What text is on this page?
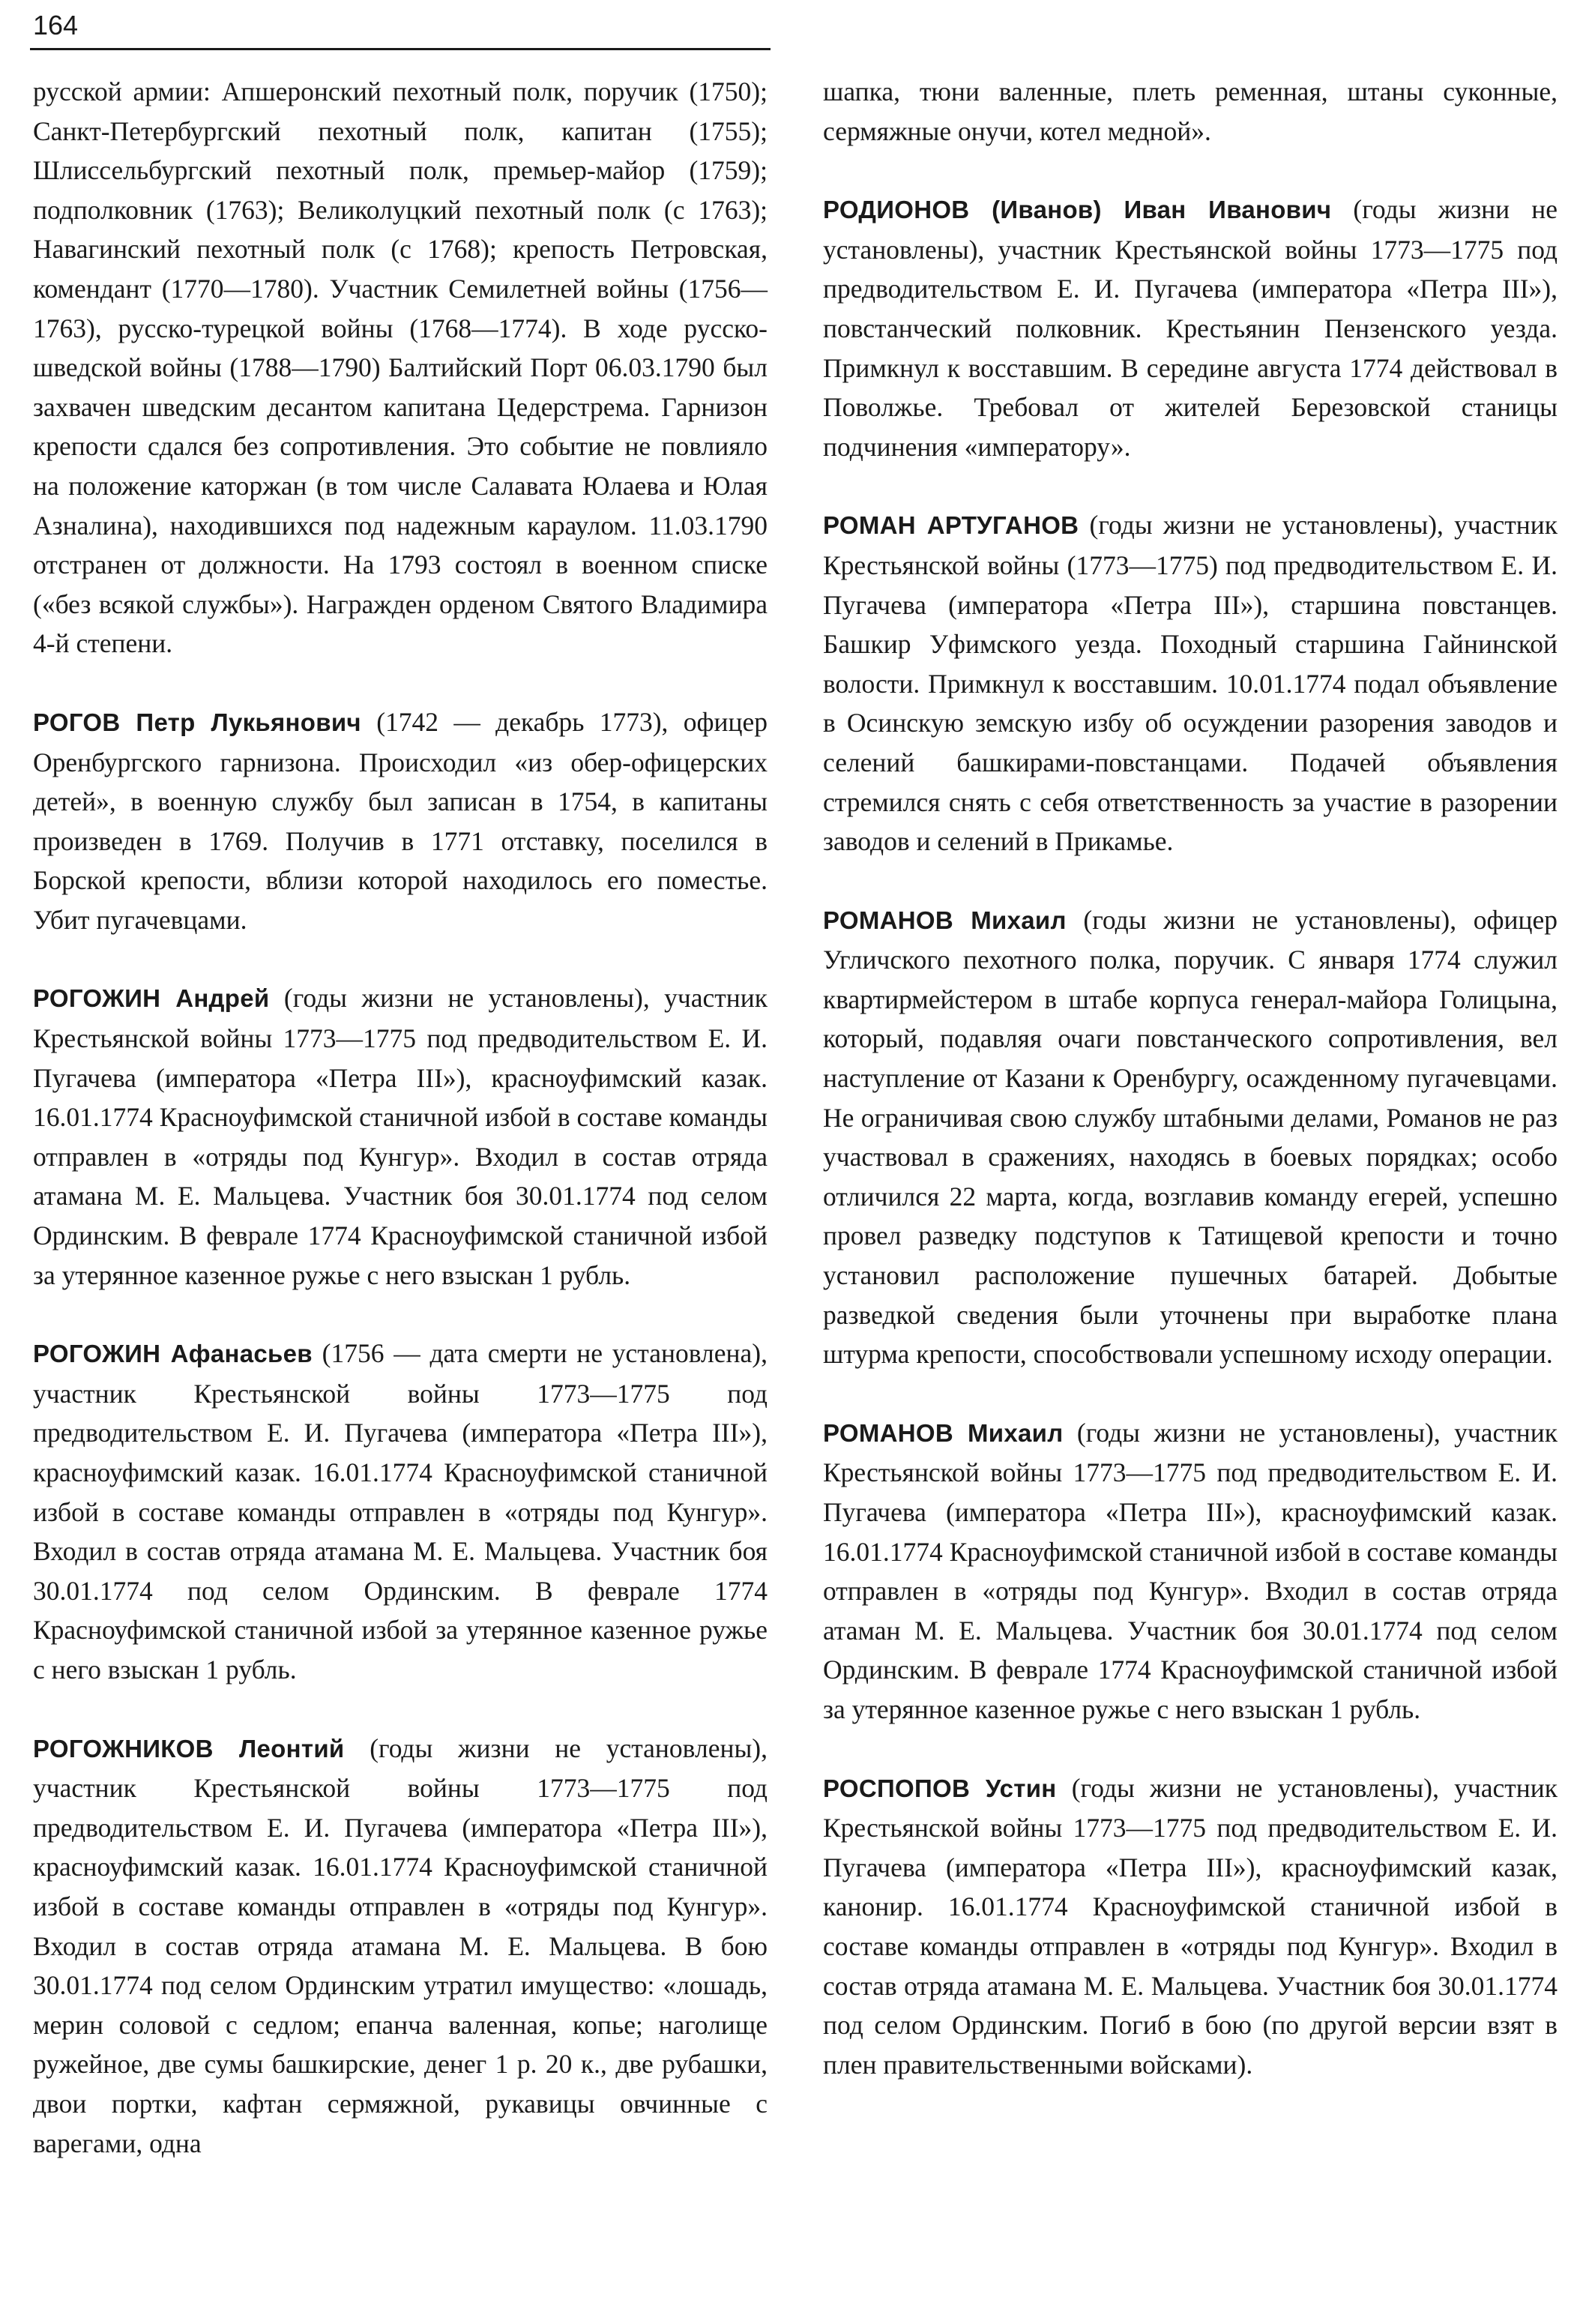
164

русской армии: Апшеронский пехотный полк, поручик (1750); Санкт-Петербургский пехотный полк, капитан (1755); Шлиссельбургский пехотный полк, премьер-майор (1759); подполковник (1763); Великолуцкий пехотный полк (с 1763); Навагинский пехотный полк (с 1768); крепость Петровская, комендант (1770—1780). Участник Семилетней войны (1756—1763), русско-турецкой войны (1768—1774). В ходе русско-шведской войны (1788—1790) Балтийский Порт 06.03.1790 был захвачен шведским десантом капитана Цедерстрема. Гарнизон крепости сдался без сопротивления. Это событие не повлияло на положение каторжан (в том числе Салавата Юлаева и Юлая Азналина), находившихся под надежным караулом. 11.03.1790 отстранен от должности. На 1793 состоял в военном списке («без всякой службы»). Награжден орденом Святого Владимира 4-й степени.

РОГОВ Петр Лукьянович (1742 — декабрь 1773), офицер Оренбургского гарнизона. Происходил «из обер-офицерских детей», в военную службу был записан в 1754, в капитаны произведен в 1769. Получив в 1771 отставку, поселился в Борской крепости, вблизи которой находилось его поместье. Убит пугачевцами.

РОГОЖИН Андрей (годы жизни не установлены), участник Крестьянской войны 1773—1775 под предводительством Е. И. Пугачева (императора «Петра III»), красноуфимский казак. 16.01.1774 Красноуфимской станичной избой в составе команды отправлен в «отряды под Кунгур». Входил в состав отряда атамана М. Е. Мальцева. Участник боя 30.01.1774 под селом Ординским. В феврале 1774 Красноуфимской станичной избой за утерянное казенное ружье с него взыскан 1 рубль.

РОГОЖИН Афанасьев (1756 — дата смерти не установлена), участник Крестьянской войны 1773—1775 под предводительством Е. И. Пугачева (императора «Петра III»), красноуфимский казак. 16.01.1774 Красноуфимской станичной избой в составе команды отправлен в «отряды под Кунгур». Входил в состав отряда атамана М. Е. Мальцева. Участник боя 30.01.1774 под селом Ординским. В феврале 1774 Красноуфимской станичной избой за утерянное казенное ружье с него взыскан 1 рубль.

РОГОЖНИКОВ Леонтий (годы жизни не установлены), участник Крестьянской войны 1773—1775 под предводительством Е. И. Пугачева (императора «Петра III»), красноуфимский казак. 16.01.1774 Красноуфимской станичной избой в составе команды отправлен в «отряды под Кунгур». Входил в состав отряда атамана М. Е. Мальцева. В бою 30.01.1774 под селом Ординским утратил имущество: «лошадь, мерин соловой с седлом; епанча валенная, копье; наголище ружейное, две сумы башкирские, денег 1 р. 20 к., две рубашки, двои портки, кафтан сермяжной, рукавицы овчинные с варегами, одна

шапка, тюни валенные, плеть ременная, штаны суконные, сермяжные онучи, котел медной».

РОДИОНОВ (Иванов) Иван Иванович (годы жизни не установлены), участник Крестьянской войны 1773—1775 под предводительством Е. И. Пугачева (императора «Петра III»), повстанческий полковник. Крестьянин Пензенского уезда. Примкнул к восставшим. В середине августа 1774 действовал в Поволжье. Требовал от жителей Березовской станицы подчинения «императору».

РОМАН АРТУГАНОВ (годы жизни не установлены), участник Крестьянской войны (1773—1775) под предводительством Е. И. Пугачева (императора «Петра III»), старшина повстанцев. Башкир Уфимского уезда. Походный старшина Гайнинской волости. Примкнул к восставшим. 10.01.1774 подал объявление в Осинскую земскую избу об осуждении разорения заводов и селений башкирами-повстанцами. Подачей объявления стремился снять с себя ответственность за участие в разорении заводов и селений в Прикамье.

РОМАНОВ Михаил (годы жизни не установлены), офицер Угличского пехотного полка, поручик. С января 1774 служил квартирмейстером в штабе корпуса генерал-майора Голицына, который, подавляя очаги повстанческого сопротивления, вел наступление от Казани к Оренбургу, осажденному пугачевцами. Не ограничивая свою службу штабными делами, Романов не раз участвовал в сражениях, находясь в боевых порядках; особо отличился 22 марта, когда, возглавив команду егерей, успешно провел разведку подступов к Татищевой крепости и точно установил расположение пушечных батарей. Добытые разведкой сведения были уточнены при выработке плана штурма крепости, способствовали успешному исходу операции.

РОМАНОВ Михаил (годы жизни не установлены), участник Крестьянской войны 1773—1775 под предводительством Е. И. Пугачева (императора «Петра III»), красноуфимский казак. 16.01.1774 Красноуфимской станичной избой в составе команды отправлен в «отряды под Кунгур». Входил в состав отряда атаман М. Е. Мальцева. Участник боя 30.01.1774 под селом Ординским. В феврале 1774 Красноуфимской станичной избой за утерянное казенное ружье с него взыскан 1 рубль.

РОСПОПОВ Устин (годы жизни не установлены), участник Крестьянской войны 1773—1775 под предводительством Е. И. Пугачева (императора «Петра III»), красноуфимский казак, канонир. 16.01.1774 Красноуфимской станичной избой в составе команды отправлен в «отряды под Кунгур». Входил в состав отряда атамана М. Е. Мальцева. Участник боя 30.01.1774 под селом Ординским. Погиб в бою (по другой версии взят в плен правительственными войсками).
